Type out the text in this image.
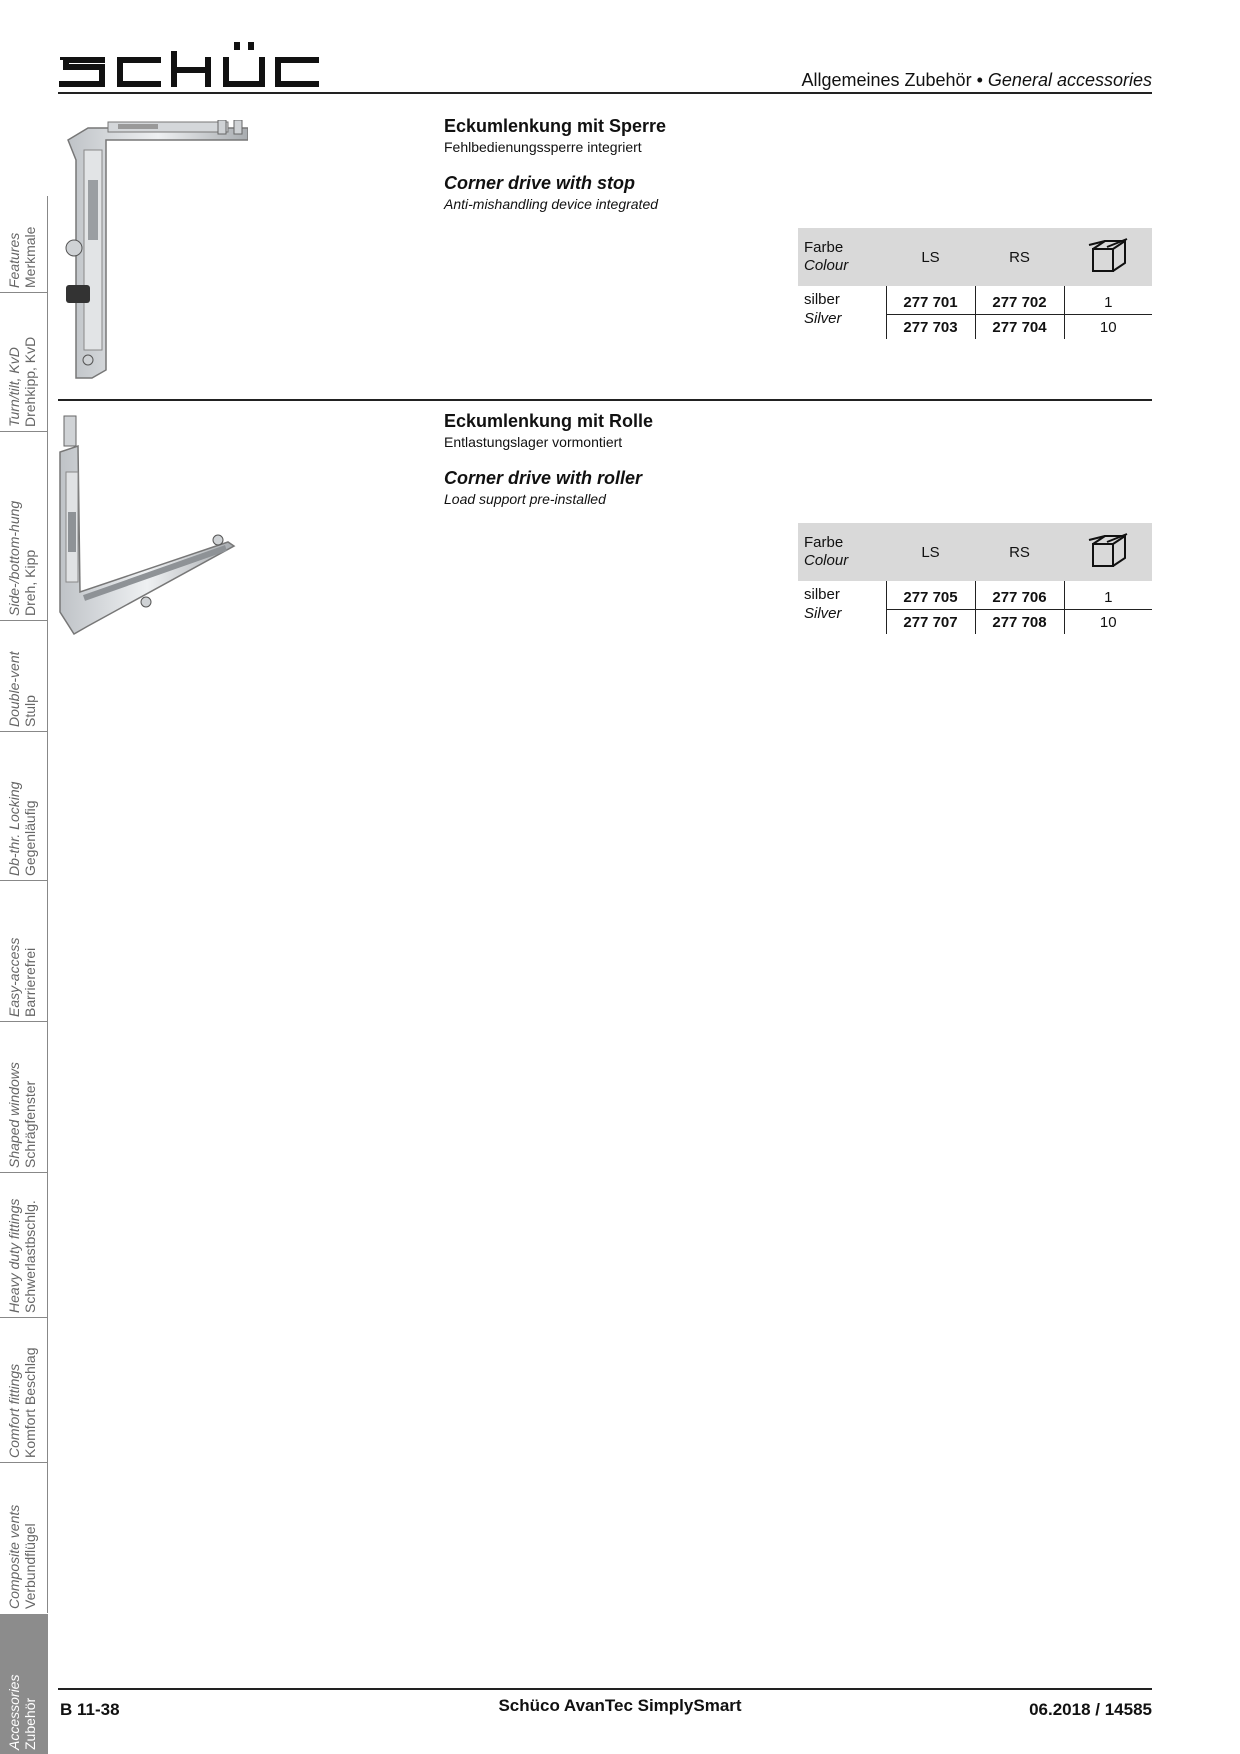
Allgemeines Zubehör • General accessories

Eckumlenkung mit Sperre

Fehlbedienungssperre integriert

Corner drive with stop

Anti-mishandling device integrated

Farbe
Colour	LS	RS	

silber
Silver	277 701	277 702	1
	277 703	277 704	10

Eckumlenkung mit Rolle

Entlastungslager vormontiert

Corner drive with roller

Load support pre-installed

Farbe
Colour	LS	RS	

silber
Silver	277 705	277 706	1
	277 707	277 708	10
Features Merkmale
Turn/tilt, KvD Drehkipp, KvD
Side-/bottom-hung Dreh, Kipp
Double-vent Stulp
Db-thr. Locking Gegenläufig
Easy-access Barrierefrei
Shaped windows Schrägfenster
Heavy duty fittings Schwerlastbschlg.
Comfort fittings Komfort Beschlag
Composite vents Verbundflügel
Accessories Zubehör B 11-38	Schüco AvanTec SimplySmart	06.2018 / 14585
